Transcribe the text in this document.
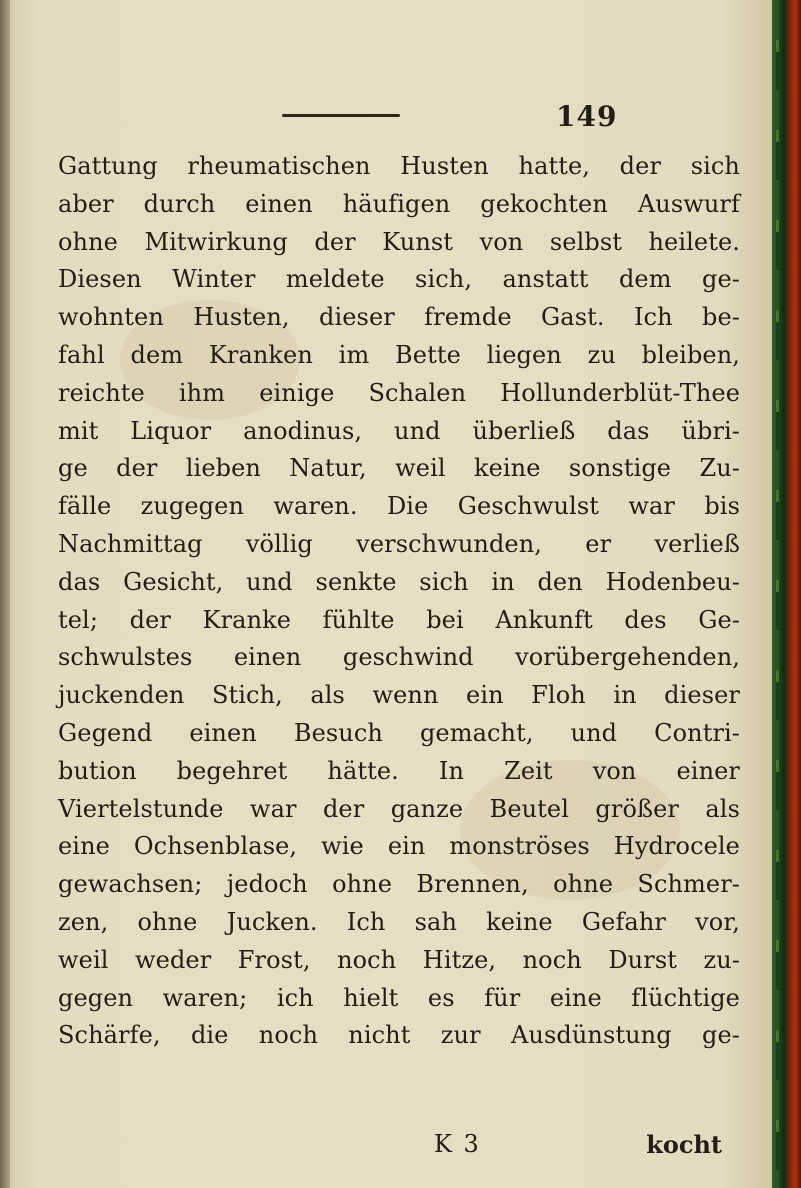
149
Gattung rheumatischen Husten hatte, der sich
aber durch einen häufigen gekochten Auswurf
ohne Mitwirkung der Kunst von selbst heilete.
Diesen Winter meldete sich, anstatt dem ge-
wohnten Husten, dieser fremde Gast. Ich be-
fahl dem Kranken im Bette liegen zu bleiben,
reichte ihm einige Schalen Hollunderblüt-Thee
mit Liquor anodinus, und überließ das übri-
ge der lieben Natur, weil keine sonstige Zu-
fälle zugegen waren. Die Geschwulst war bis
Nachmittag völlig verschwunden, er verließ
das Gesicht, und senkte sich in den Hodenbeu-
tel; der Kranke fühlte bei Ankunft des Ge-
schwulstes einen geschwind vorübergehenden,
juckenden Stich, als wenn ein Floh in dieser
Gegend einen Besuch gemacht, und Contri-
bution begehret hätte. In Zeit von einer
Viertelstunde war der ganze Beutel größer als
eine Ochsenblase, wie ein monströses Hydrocele
gewachsen; jedoch ohne Brennen, ohne Schmer-
zen, ohne Jucken. Ich sah keine Gefahr vor,
weil weder Frost, noch Hitze, noch Durst zu-
gegen waren; ich hielt es für eine flüchtige
Schärfe, die noch nicht zur Ausdünstung ge-
K 3	kocht
